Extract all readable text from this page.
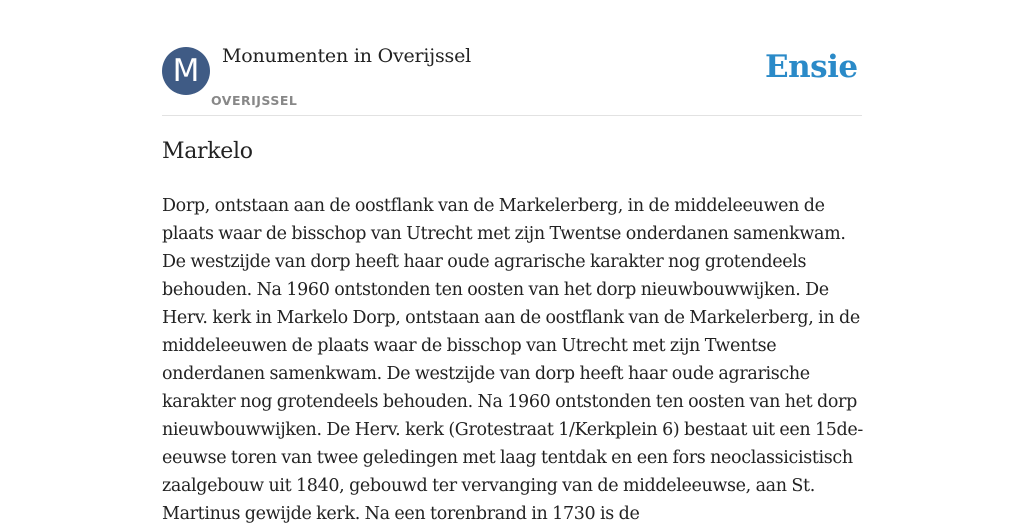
M	Monumenten in Overijssel
OVERIJSSEL
Ensie
Markelo

Dorp, ontstaan aan de oostflank van de Markelerberg, in de middeleeuwen de plaats waar de bisschop van Utrecht met zijn Twentse onderdanen samenkwam. De westzijde van dorp heeft haar oude agrarische karakter nog grotendeels behouden. Na 1960 ontstonden ten oosten van het dorp nieuwbouwwijken. De Herv. kerk in Markelo Dorp, ontstaan aan de oostflank van de Markelerberg, in de middeleeuwen de plaats waar de bisschop van Utrecht met zijn Twentse onderdanen samenkwam. De westzijde van dorp heeft haar oude agrarische karakter nog grotendeels behouden. Na 1960 ontstonden ten oosten van het dorp nieuwbouwwijken. De Herv. kerk (Grotestraat 1/Kerkplein 6) bestaat uit een 15de-eeuwse toren van twee geledingen met laag tentdak en een fors neoclassicistisch zaalgebouw uit 1840, gebouwd ter vervanging van de middeleeuwse, aan St. Martinus gewijde kerk. Na een torenbrand in 1730 is de
